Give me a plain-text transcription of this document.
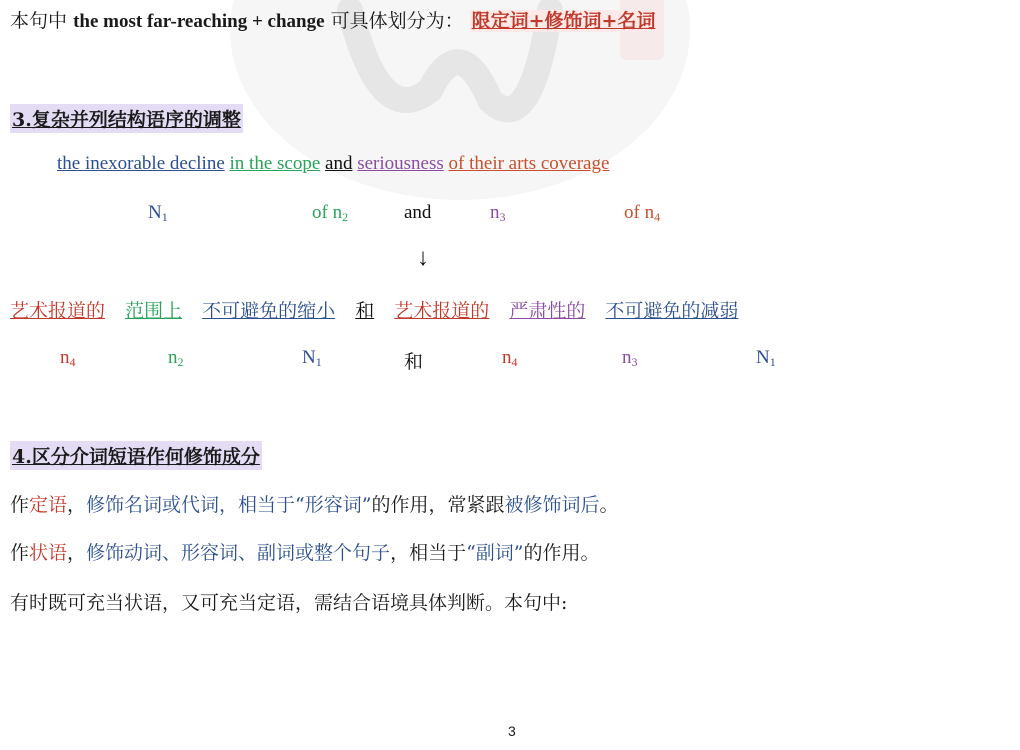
本句中 the most far-reaching + change 可具体划分为： 限定词+修饰词+名词
3.复杂并列结构语序的调整
the inexorable decline in the scope and seriousness of their arts coverage
$N_1$	of $n_2$	and	$n_3$	of $n_4$
↓
艺术报道的 范围上 不可避免的缩小 和 艺术报道的 严肃性的 不可避免的减弱
$n_4$	$n_2$	$N_1$	和	$n_4$	$n_3$	$N_1$
4.区分介词短语作何修饰成分
作定语，修饰名词或代词，相当于“形容词”的作用，常紧跟被修饰词后。
作状语，修饰动词、形容词、副词或整个句子，相当于“副词”的作用。
有时既可充当状语，又可充当定语，需结合语境具体判断。本句中:
3
